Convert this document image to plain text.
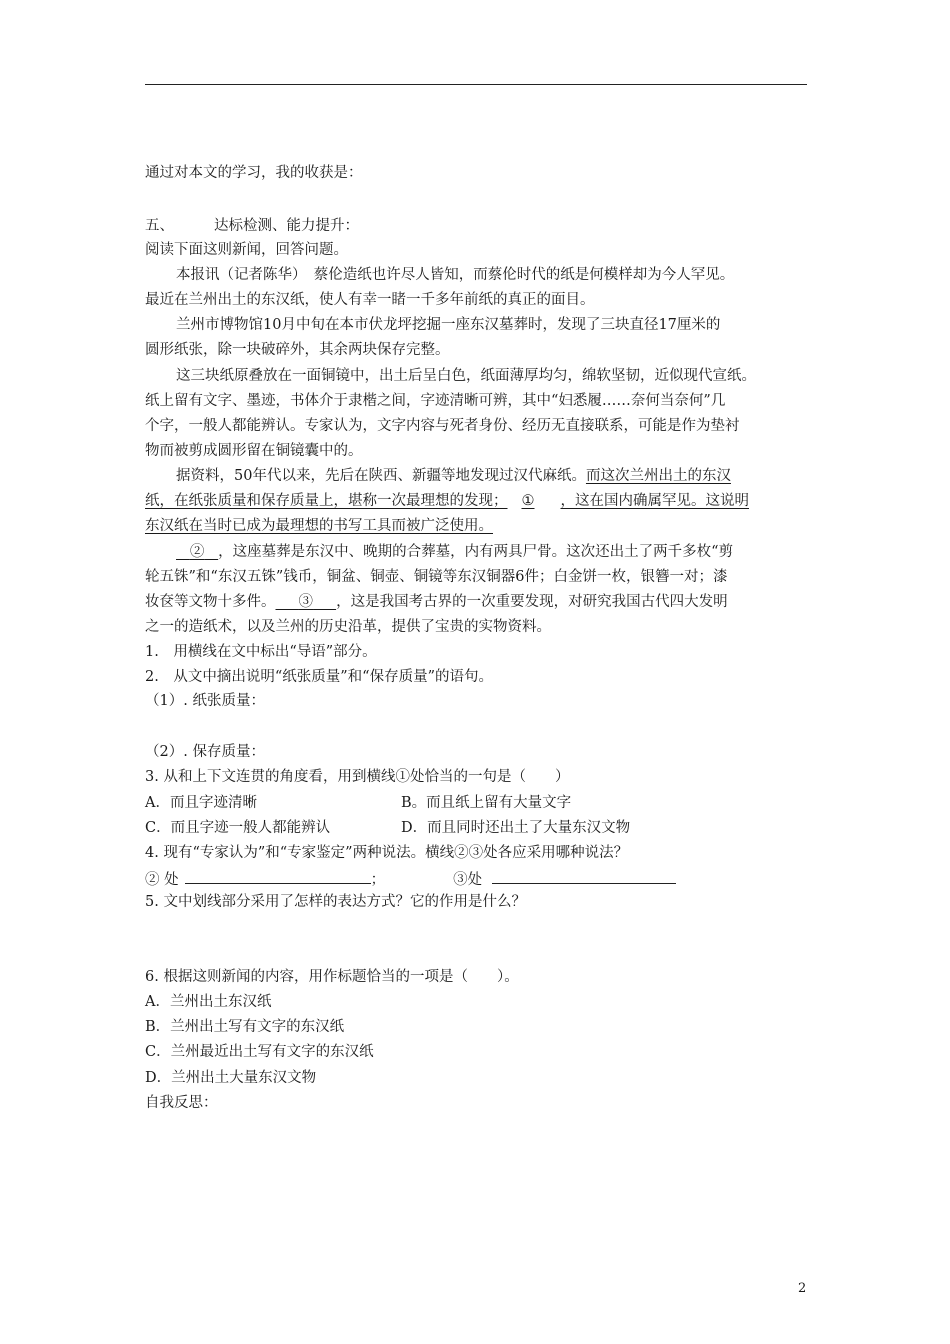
通过对本文的学习，我的收获是：
五、	达标检测、能力提升：
阅读下面这则新闻，回答问题。
本报讯（记者陈华）　蔡伦造纸也许尽人皆知，而蔡伦时代的纸是何模样却为今人罕见。
最近在兰州出土的东汉纸，使人有幸一睹一千多年前纸的真正的面目。
兰州市博物馆10月中旬在本市伏龙坪挖掘一座东汉墓葬时，发现了三块直径17厘米的
圆形纸张，除一块破碎外，其余两块保存完整。
这三块纸原叠放在一面铜镜中，出土后呈白色，纸面薄厚均匀，绵软坚韧，近似现代宣纸。
纸上留有文字、墨迹，书体介于隶楷之间，字迹清晰可辨，其中“妇悉履……奈何当奈何”几
个字，一般人都能辨认。专家认为，文字内容与死者身份、经历无直接联系，可能是作为垫衬
物而被剪成圆形留在铜镜囊中的。
据资料，50年代以来，先后在陕西、新疆等地发现过汉代麻纸。而这次兰州出土的东汉
纸，在纸张质量和保存质量上，堪称一次最理想的发现； ① ，这在国内确属罕见。这说明
东汉纸在当时已成为最理想的书写工具而被广泛使用。
② ，这座墓葬是东汉中、晚期的合葬墓，内有两具尸骨。这次还出土了两千多枚“剪
轮五铢”和“东汉五铢”钱币，铜盆、铜壶、铜镜等东汉铜器6件；白金饼一枚，银簪一对；漆
妆奁等文物十多件。 ③ ，这是我国考古界的一次重要发现，对研究我国古代四大发明
之一的造纸术，以及兰州的历史沿革，提供了宝贵的实物资料。
1.　用横线在文中标出“导语”部分。
2.　从文中摘出说明“纸张质量”和“保存质量”的语句。
（1）. 纸张质量：
（2）. 保存质量：
3. 从和上下文连贯的角度看，用到横线①处恰当的一句是（　　）
A．而且字迹清晰	B。而且纸上留有大量文字
C．而且字迹一般人都能辨认	D．而且同时还出土了大量东汉文物
4. 现有“专家认为”和“专家鉴定”两种说法。横线②③处各应采用哪种说法？
② 处	；	③处
5. 文中划线部分采用了怎样的表达方式？它的作用是什么？
6. 根据这则新闻的内容，用作标题恰当的一项是（　　）。
A．兰州出土东汉纸
B．兰州出土写有文字的东汉纸
C．兰州最近出土写有文字的东汉纸
D．兰州出土大量东汉文物
自我反思：
2
